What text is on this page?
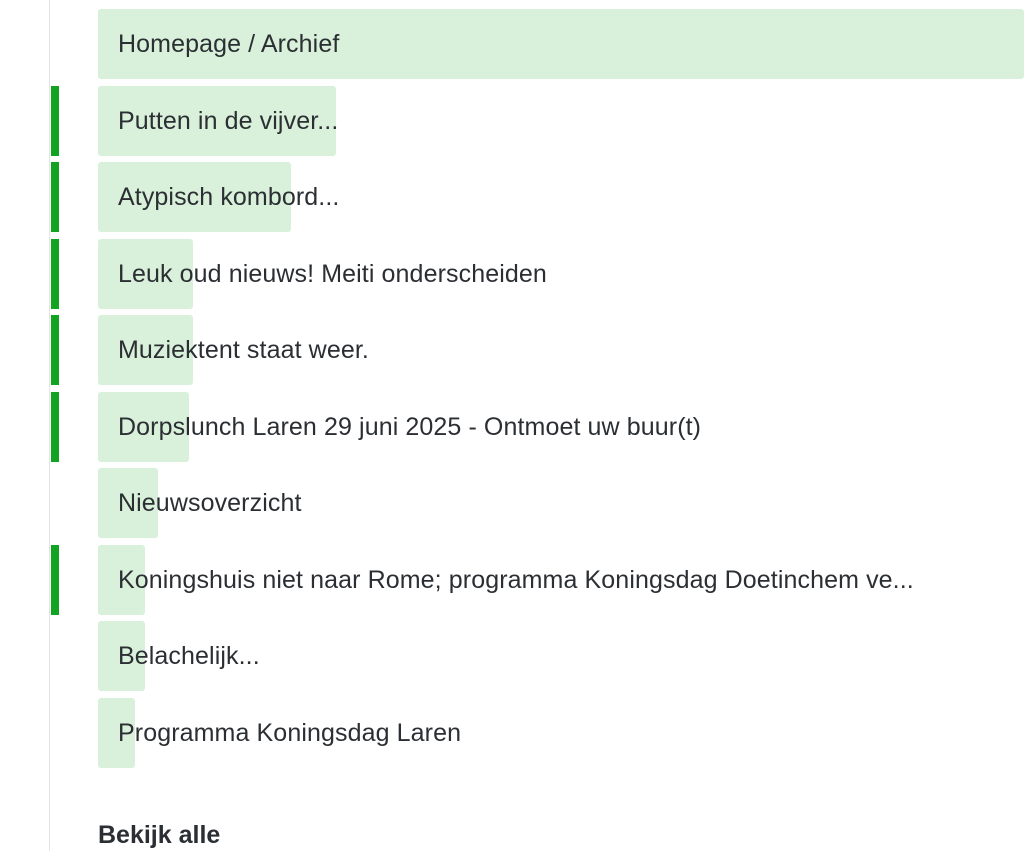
Homepage / Archief
Putten in de vijver...
Atypisch kombord...
Leuk oud nieuws! Meiti onderscheiden
Muziektent staat weer.
Dorpslunch Laren 29 juni 2025 - Ontmoet uw buur(t)
Nieuwsoverzicht
Koningshuis niet naar Rome; programma Koningsdag Doetinchem ve...
Belachelijk...
Programma Koningsdag Laren
Bekijk alle
